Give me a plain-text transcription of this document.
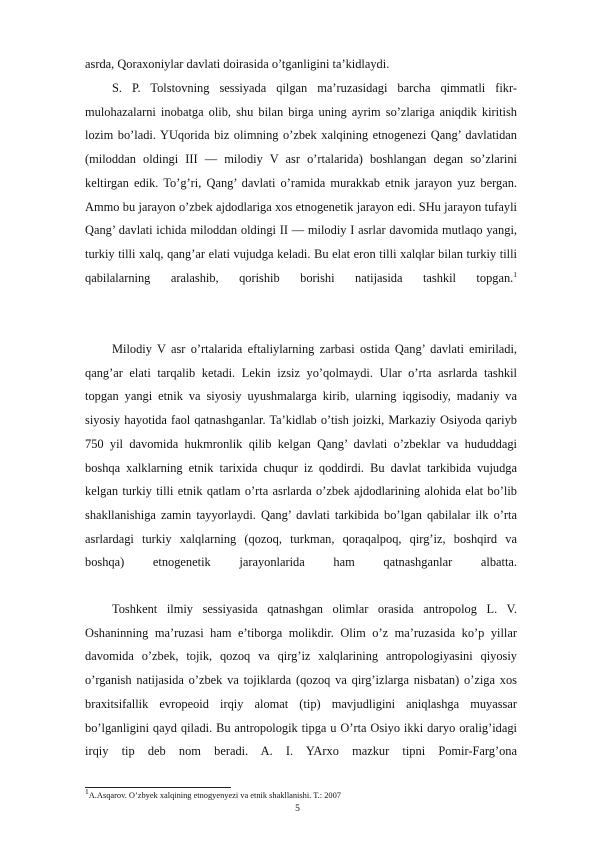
asrda, Qoraxoniylar davlati doirasida o’tganligini ta’kidlaydi.

S. P. Tolstovning sessiyada qilgan ma’ruzasidagi barcha qimmatli fikr-mulohazalarni inobatga olib, shu bilan birga uning ayrim so’zlariga aniqdik kiritish lozim bo’ladi. YUqorida biz olimning o’zbek xalqining etnogenezi Qang’ davlatidan (miloddan oldingi III — milodiy V asr o’rtalarida) boshlangan degan so’zlarini keltirgan edik. To’g’ri, Qang’ davlati o’ramida murakkab etnik jarayon yuz bergan. Ammo bu jarayon o’zbek ajdodlariga xos etnogenetik jarayon edi. SHu jarayon tufayli Qang’ davlati ichida miloddan oldingi II — milodiy I asrlar davomida mutlaqo yangi, turkiy tilli xalq, qang’ar elati vujudga keladi. Bu elat eron tilli xalqlar bilan turkiy tilli qabilalarning aralashib, qorishib borishi natijasida tashkil topgan.$^1$

Milodiy V asr o’rtalarida eftaliylarning zarbasi ostida Qang’ davlati emiriladi, qang’ar elati tarqalib ketadi. Lekin izsiz yo’qolmaydi. Ular o’rta asrlarda tashkil topgan yangi etnik va siyosiy uyushmalarga kirib, ularning iqgisodiy, madaniy va siyosiy hayotida faol qatnashganlar. Ta’kidlab o’tish joizki, Markaziy Osiyoda qariyb 750 yil davomida hukmronlik qilib kelgan Qang’ davlati o’zbeklar va hududdagi boshqa xalklarning etnik tarixida chuqur iz qoddirdi. Bu davlat tarkibida vujudga kelgan turkiy tilli etnik qatlam o’rta asrlarda o’zbek ajdodlarining alohida elat bo’lib shakllanishiga zamin tayyorlaydi. Qang’ davlati tarkibida bo’lgan qabilalar ilk o’rta asrlardagi turkiy xalqlarning (qozoq, turkman, qoraqalpoq, qirg’iz, boshqird va boshqa) etnogenetik jarayonlarida ham qatnashganlar albatta.

Toshkent ilmiy sessiyasida qatnashgan olimlar orasida antropolog L. V. Oshaninning ma’ruzasi ham e’tiborga molikdir. Olim o’z ma’ruzasida ko’p yillar davomida o’zbek, tojik, qozoq va qirg’iz xalqlarining antropologiyasini qiyosiy o’rganish natijasida o’zbek va tojiklarda (qozoq va qirg’izlarga nisbatan) o’ziga xos braxitsifallik evropeoid irqiy alomat (tip) mavjudligini aniqlashga muyassar bo’lganligini qayd qiladi. Bu antropologik tipga u O’rta Osiyo ikki daryo oralig’idagi irqiy tip deb nom beradi. A. I. YArxo mazkur tipni Pomir-Farg’ona

$^1$A.Asqarov. O’zbyek xalqining etnogyenyezi va etnik shakllanishi. T.: 2007
5
